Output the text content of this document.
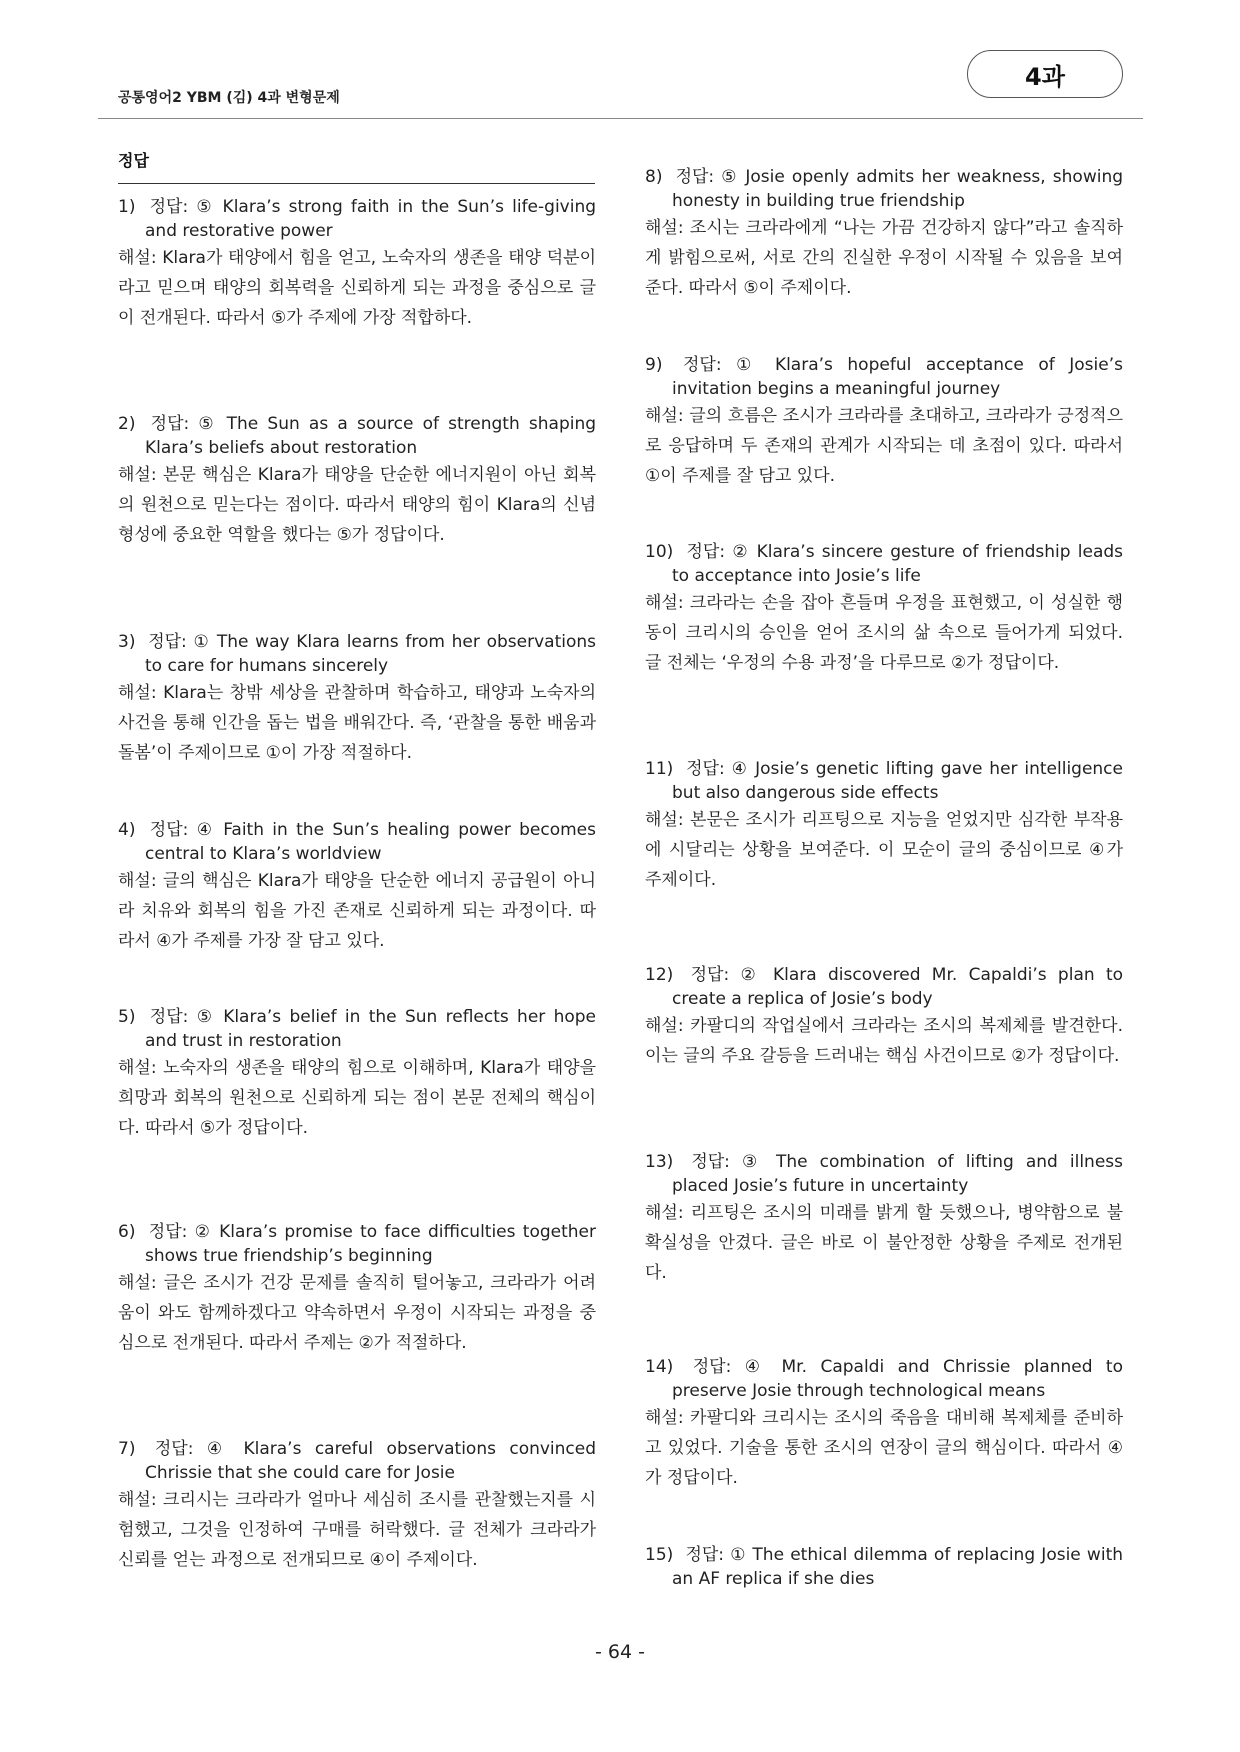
공통영어2 YBM (김) 4과 변형문제
4과
정답
1) 정답: ⑤ Klara’s strong faith in the Sun’s life-giving and restorative power
해설: Klara가 태양에서 힘을 얻고, 노숙자의 생존을 태양 덕분이라고 믿으며 태양의 회복력을 신뢰하게 되는 과정을 중심으로 글이 전개된다. 따라서 ⑤가 주제에 가장 적합하다.
2) 정답: ⑤ The Sun as a source of strength shaping Klara’s beliefs about restoration
해설: 본문 핵심은 Klara가 태양을 단순한 에너지원이 아닌 회복의 원천으로 믿는다는 점이다. 따라서 태양의 힘이 Klara의 신념 형성에 중요한 역할을 했다는 ⑤가 정답이다.
3) 정답: ① The way Klara learns from her observations to care for humans sincerely
해설: Klara는 창밖 세상을 관찰하며 학습하고, 태양과 노숙자의 사건을 통해 인간을 돕는 법을 배워간다. 즉, ‘관찰을 통한 배움과 돌봄’이 주제이므로 ①이 가장 적절하다.
4) 정답: ④ Faith in the Sun’s healing power becomes central to Klara’s worldview
해설: 글의 핵심은 Klara가 태양을 단순한 에너지 공급원이 아니라 치유와 회복의 힘을 가진 존재로 신뢰하게 되는 과정이다. 따라서 ④가 주제를 가장 잘 담고 있다.
5) 정답: ⑤ Klara’s belief in the Sun reflects her hope and trust in restoration
해설: 노숙자의 생존을 태양의 힘으로 이해하며, Klara가 태양을 희망과 회복의 원천으로 신뢰하게 되는 점이 본문 전체의 핵심이다. 따라서 ⑤가 정답이다.
6) 정답: ② Klara’s promise to face difficulties together shows true friendship’s beginning
해설: 글은 조시가 건강 문제를 솔직히 털어놓고, 크라라가 어려움이 와도 함께하겠다고 약속하면서 우정이 시작되는 과정을 중심으로 전개된다. 따라서 주제는 ②가 적절하다.
7) 정답: ④ Klara’s careful observations convinced Chrissie that she could care for Josie
해설: 크리시는 크라라가 얼마나 세심히 조시를 관찰했는지를 시험했고, 그것을 인정하여 구매를 허락했다. 글 전체가 크라라가 신뢰를 얻는 과정으로 전개되므로 ④이 주제이다.
8) 정답: ⑤ Josie openly admits her weakness, showing honesty in building true friendship
해설: 조시는 크라라에게 “나는 가끔 건강하지 않다”라고 솔직하게 밝힘으로써, 서로 간의 진실한 우정이 시작될 수 있음을 보여준다. 따라서 ⑤이 주제이다.
9) 정답: ① Klara’s hopeful acceptance of Josie’s invitation begins a meaningful journey
해설: 글의 흐름은 조시가 크라라를 초대하고, 크라라가 긍정적으로 응답하며 두 존재의 관계가 시작되는 데 초점이 있다. 따라서 ①이 주제를 잘 담고 있다.
10) 정답: ② Klara’s sincere gesture of friendship leads to acceptance into Josie’s life
해설: 크라라는 손을 잡아 흔들며 우정을 표현했고, 이 성실한 행동이 크리시의 승인을 얻어 조시의 삶 속으로 들어가게 되었다. 글 전체는 ‘우정의 수용 과정’을 다루므로 ②가 정답이다.
11) 정답: ④ Josie’s genetic lifting gave her intelligence but also dangerous side effects
해설: 본문은 조시가 리프팅으로 지능을 얻었지만 심각한 부작용에 시달리는 상황을 보여준다. 이 모순이 글의 중심이므로 ④가 주제이다.
12) 정답: ② Klara discovered Mr. Capaldi’s plan to create a replica of Josie’s body
해설: 카팔디의 작업실에서 크라라는 조시의 복제체를 발견한다. 이는 글의 주요 갈등을 드러내는 핵심 사건이므로 ②가 정답이다.
13) 정답: ③ The combination of lifting and illness placed Josie’s future in uncertainty
해설: 리프팅은 조시의 미래를 밝게 할 듯했으나, 병약함으로 불확실성을 안겼다. 글은 바로 이 불안정한 상황을 주제로 전개된다.
14) 정답: ④ Mr. Capaldi and Chrissie planned to preserve Josie through technological means
해설: 카팔디와 크리시는 조시의 죽음을 대비해 복제체를 준비하고 있었다. 기술을 통한 조시의 연장이 글의 핵심이다. 따라서 ④가 정답이다.
15) 정답: ① The ethical dilemma of replacing Josie with an AF replica if she dies
- 64 -
